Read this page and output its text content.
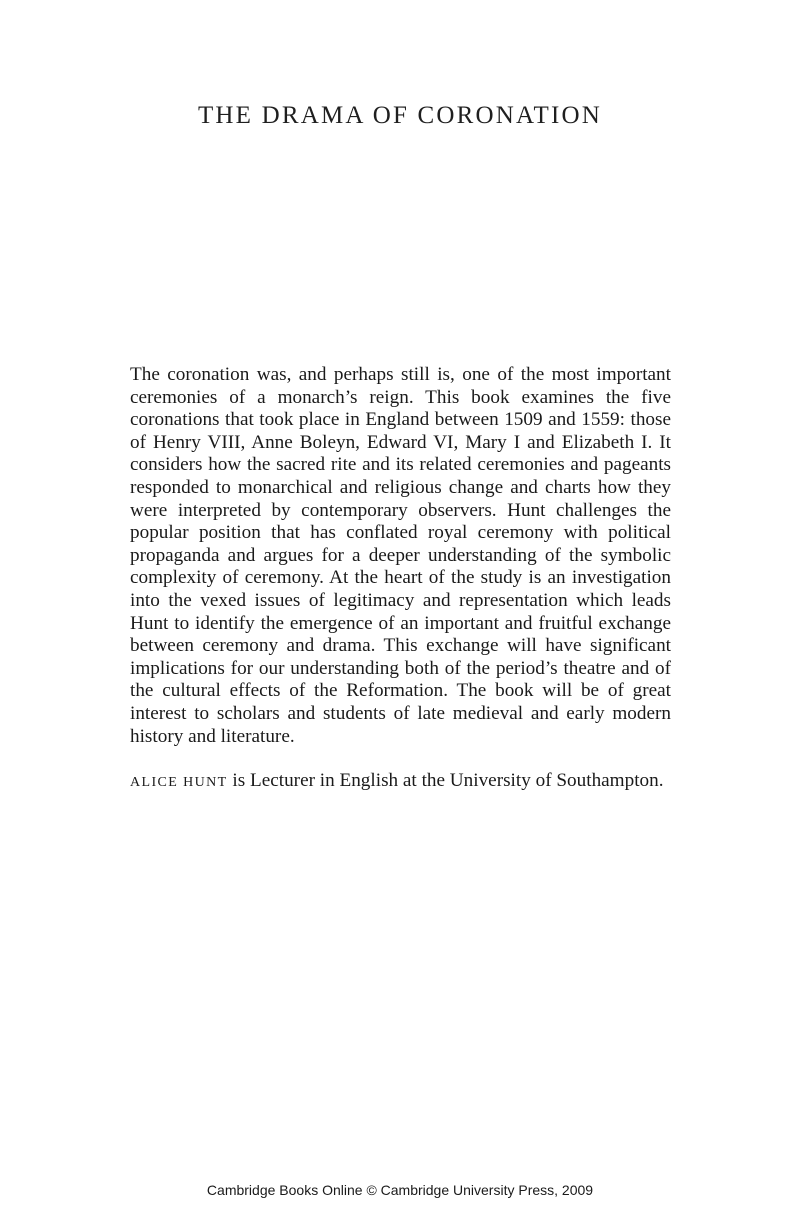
THE DRAMA OF CORONATION

The coronation was, and perhaps still is, one of the most important ceremonies of a monarch’s reign. This book examines the five coronations that took place in England between 1509 and 1559: those of Henry VIII, Anne Boleyn, Edward VI, Mary I and Elizabeth I. It considers how the sacred rite and its related ceremonies and pageants responded to monarchical and religious change and charts how they were interpreted by contemporary observers. Hunt challenges the popular position that has conflated royal ceremony with political propaganda and argues for a deeper understanding of the symbolic complexity of ceremony. At the heart of the study is an investigation into the vexed issues of legitimacy and representation which leads Hunt to identify the emergence of an important and fruitful exchange between ceremony and drama. This exchange will have significant implications for our understanding both of the period’s theatre and of the cultural effects of the Reformation. The book will be of great interest to scholars and students of late medieval and early modern history and literature.

ALICE HUNT is Lecturer in English at the University of Southampton.

Cambridge Books Online © Cambridge University Press, 2009
